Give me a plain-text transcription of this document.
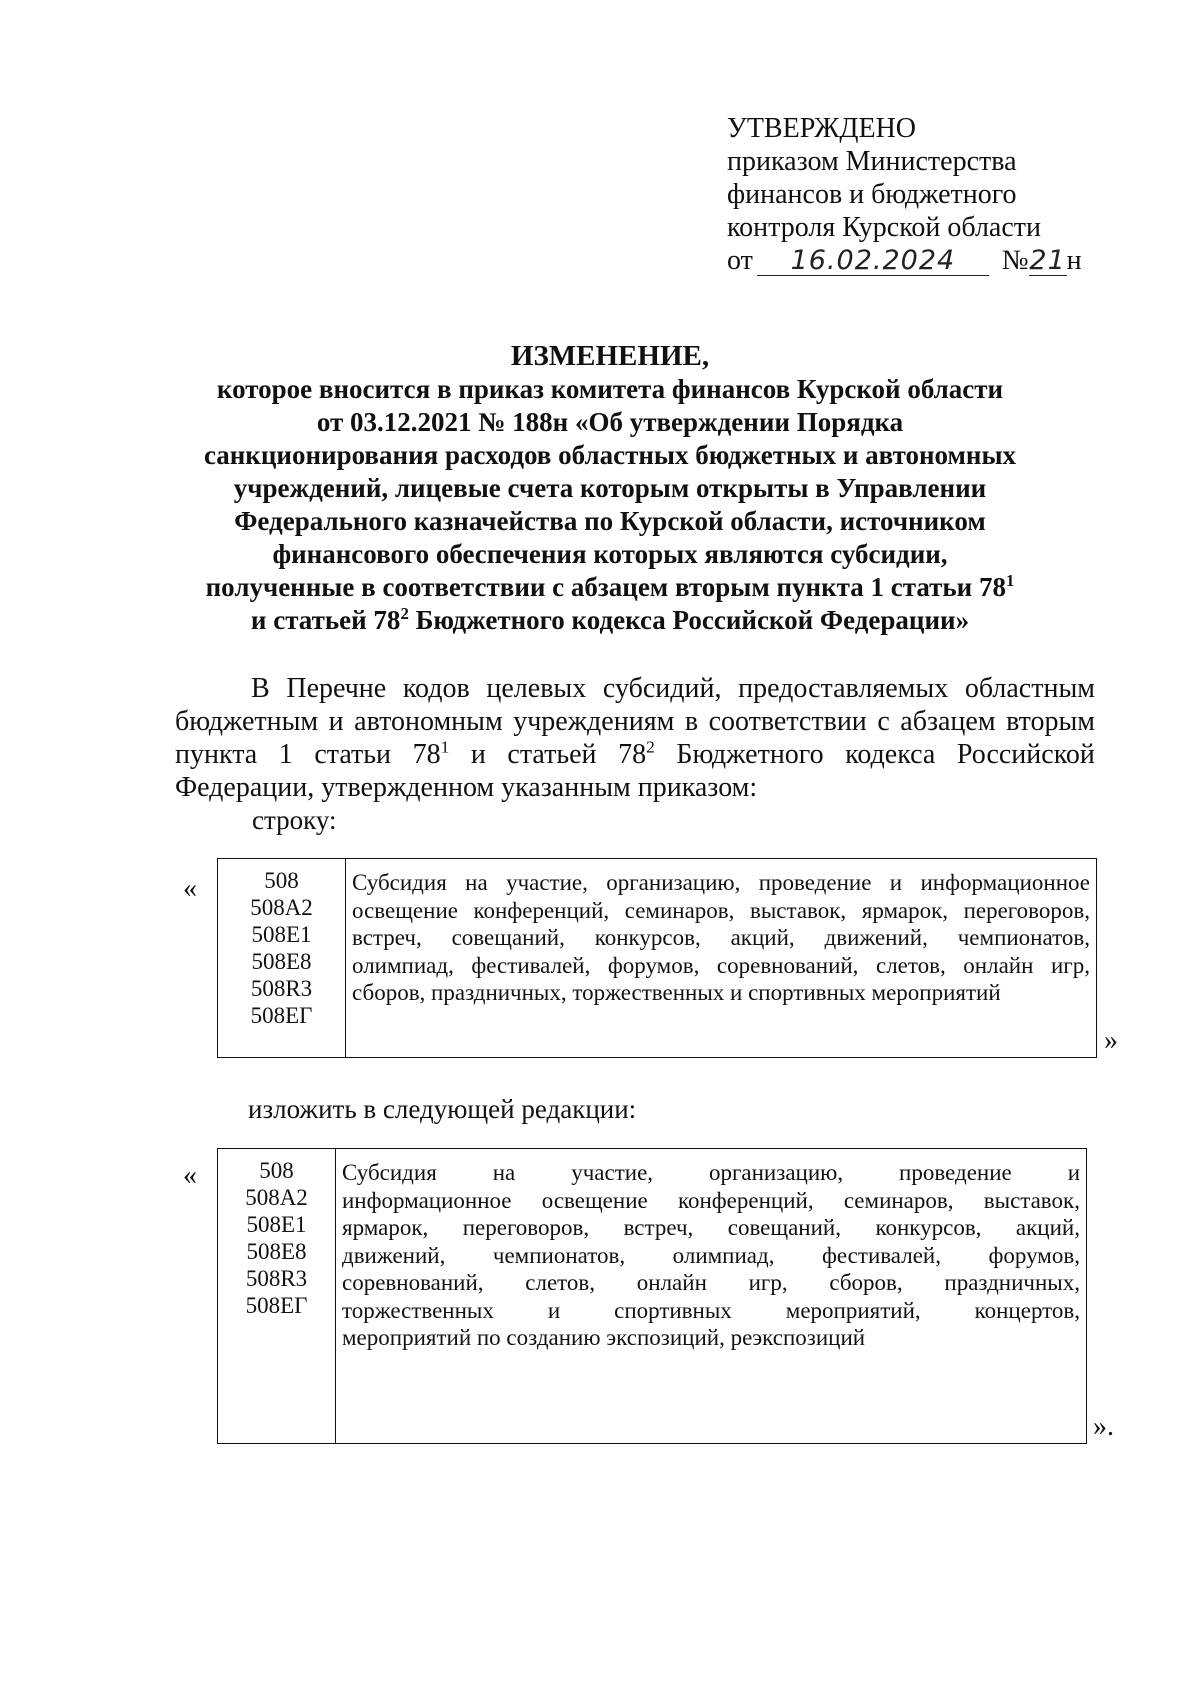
УТВЕРЖДЕНО
приказом Министерства
финансов и бюджетного
контроля Курской области
от 16.02.2024 №21н
ИЗМЕНЕНИЕ,
которое вносится в приказ комитета финансов Курской области
от 03.12.2021 № 188н «Об утверждении Порядка
санкционирования расходов областных бюджетных и автономных
учреждений, лицевые счета которым открыты в Управлении
Федерального казначейства по Курской области, источником
финансового обеспечения которых являются субсидии,
полученные в соответствии с абзацем вторым пункта 1 статьи $78^1$
и статьей $78^2$ Бюджетного кодекса Российской Федерации»
В Перечне кодов целевых субсидий, предоставляемых областным
бюджетным и автономным учреждениям в соответствии с абзацем вторым
пункта 1 статьи $78^1$ и статьей $78^2$ Бюджетного кодекса Российской
Федерации, утвержденном указанным приказом:
строку:
«	508
508А2
508Е1
508Е8
508R3
508ЕГ

Субсидия на участие, организацию, проведение и информационное
освещение конференций, семинаров, выставок, ярмарок, переговоров,
встреч, совещаний, конкурсов, акций, движений, чемпионатов,
олимпиад, фестивалей, форумов, соревнований, слетов, онлайн игр,
сборов, праздничных, торжественных и спортивных мероприятий
»
изложить в следующей редакции:
«	508
508А2
508Е1
508Е8
508R3
508ЕГ

Субсидия на участие, организацию, проведение и
информационное освещение конференций, семинаров, выставок,
ярмарок, переговоров, встреч, совещаний, конкурсов, акций,
движений, чемпионатов, олимпиад, фестивалей, форумов,
соревнований, слетов, онлайн игр, сборов, праздничных,
торжественных и спортивных мероприятий, концертов,
мероприятий по созданию экспозиций, реэкспозиций
».
